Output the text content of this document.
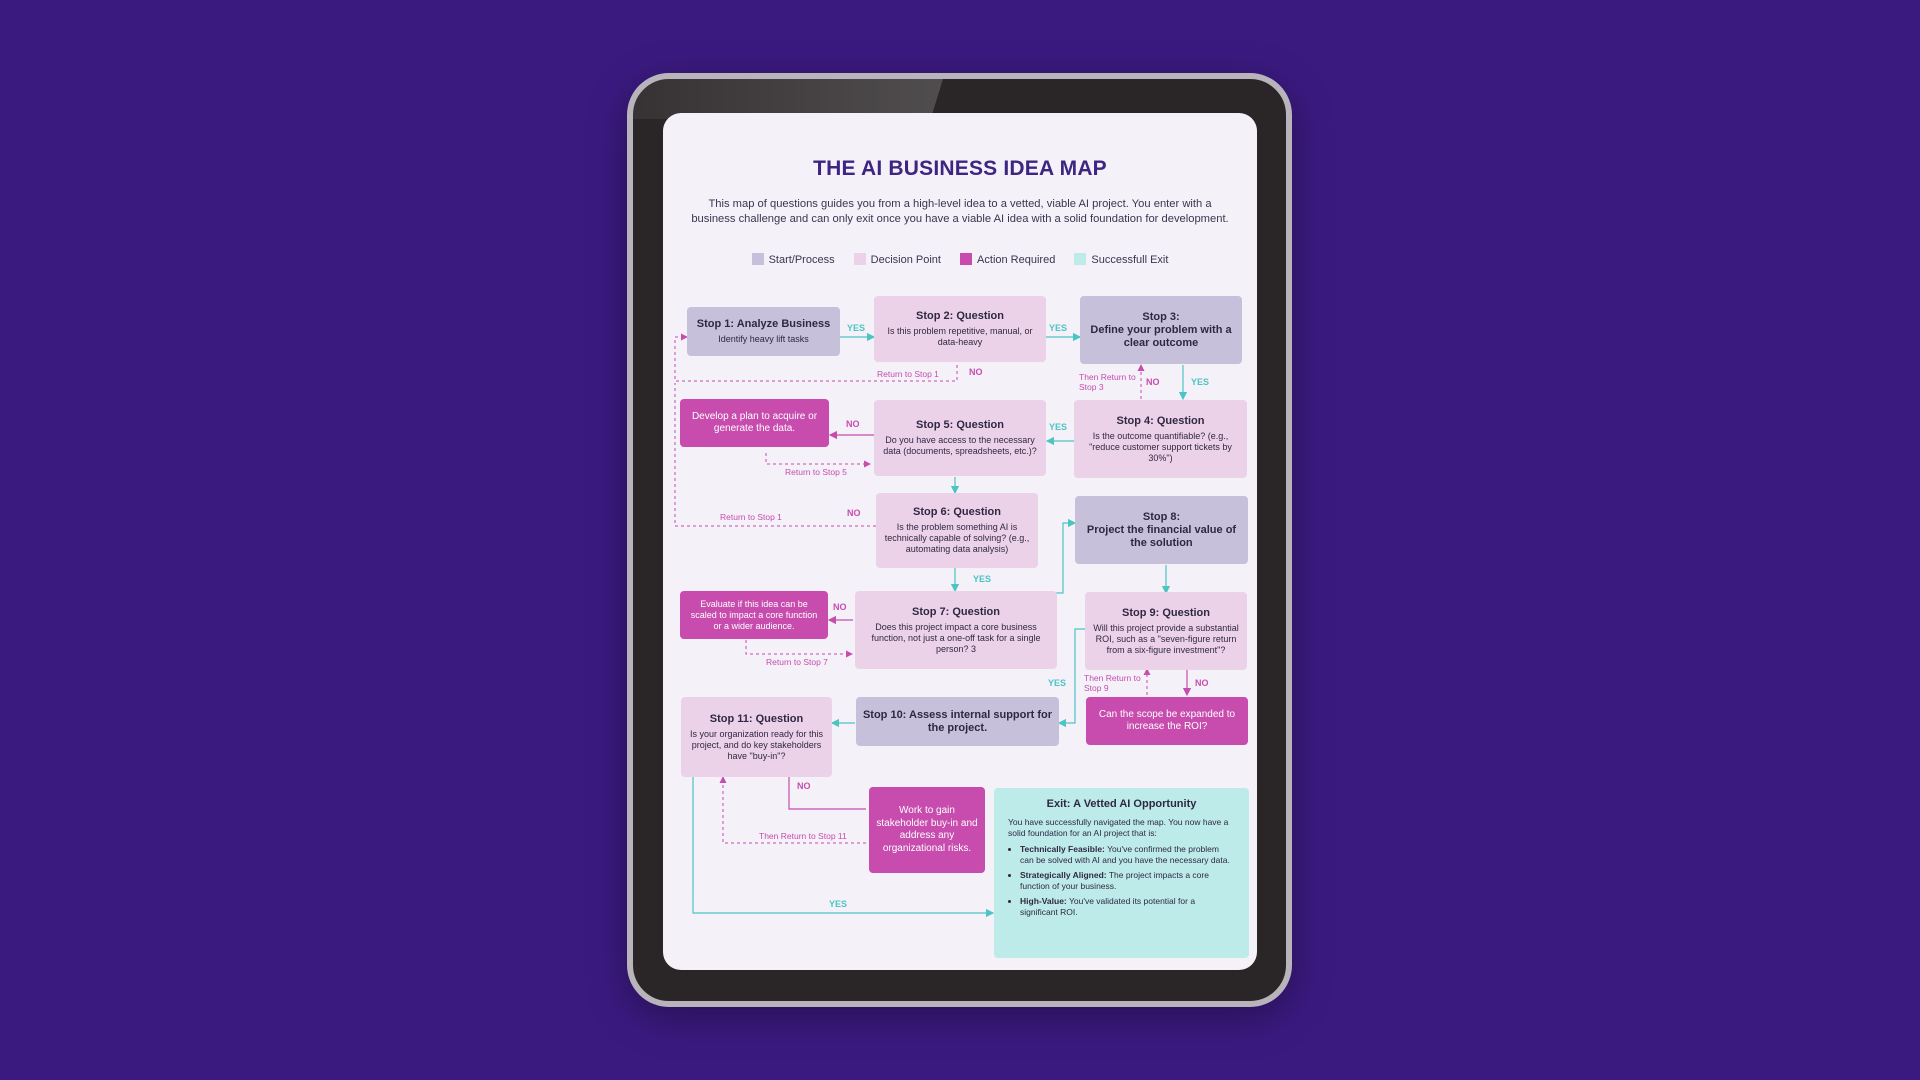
THE AI BUSINESS IDEA MAP
This map of questions guides you from a high-level idea to a vetted, viable AI project. You enter with a business challenge and can only exit once you have a viable AI idea with a solid foundation for development.
Start/Process	Decision Point	Action Required	Successfull Exit
Stop 1: Analyze Business
Identify heavy lift tasks
Stop 2: Question
Is this problem repetitive, manual, or data-heavy
Stop 3:
Define your problem with a clear outcome
Develop a plan to acquire or generate the data.	Stop 5: Question
Do you have access to the necessary data (documents, spreadsheets, etc.)?
Stop 4: Question
Is the outcome quantifiable? (e.g., "reduce customer support tickets by 30%")
Stop 6: Question
Is the problem something AI is technically capable of solving? (e.g., automating data analysis)
Stop 8:
Project the financial value of the solution
Evaluate if this idea can be scaled to impact a core function or a wider audience.
Stop 7: Question
Does this project impact a core business function, not just a one-off task for a single person? 3
Stop 9: Question
Will this project provide a substantial ROI, such as a "seven-figure return from a six-figure investment"?
Stop 11: Question
Is your organization ready for this project, and do key stakeholders have "buy-in"?
Stop 10: Assess internal support for the project.
Can the scope be expanded to increase the ROI?
Work to gain stakeholder buy-in and address any organizational risks.
Exit: A Vetted AI Opportunity
You have successfully navigated the map. You now have a solid foundation for an AI project that is:
• Technically Feasible: You've confirmed the problem can be solved with AI and you have the necessary data.
• Strategically Aligned: The project impacts a core function of your business.
• High-Value: You've validated its potential for a significant ROI.
YES	YES
YES
YES
YES
YES
YES
NO
NO
NO
NO
NO
NO
NO
Return to Stop 1	Then Return to Stop 3
Return to Stop 5
Return to Stop 1
Return to Stop 7
Then Return to Stop 9
Then Return to Stop 11
